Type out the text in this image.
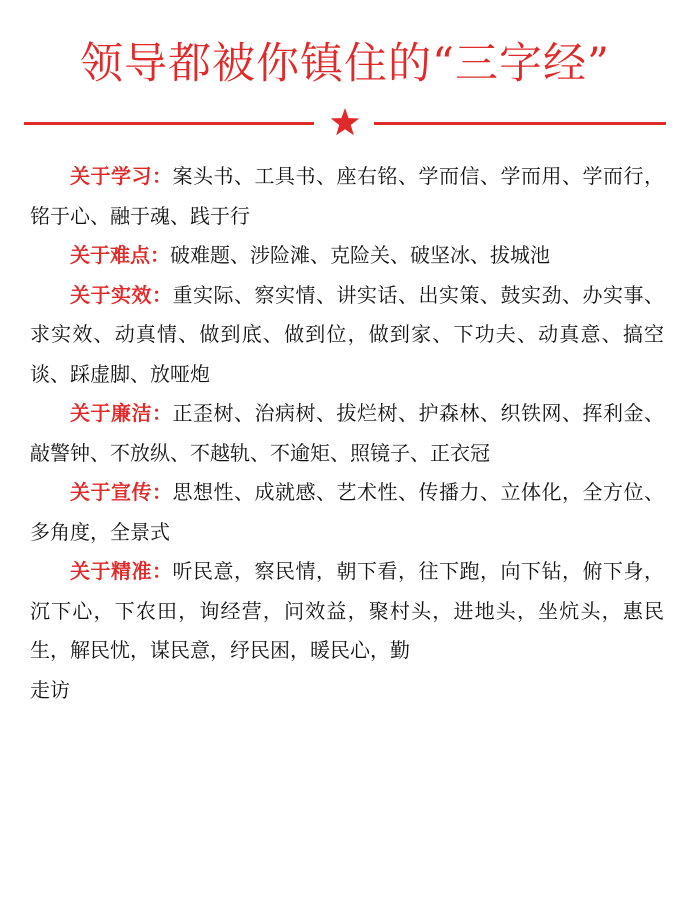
领导都被你镇住的“三字经”

关于学习：案头书、工具书、座右铭、学而信、学而用、学而行，铭于心、融于魂、践于行

关于难点：破难题、涉险滩、克险关、破坚冰、拔城池

关于实效：重实际、察实情、讲实话、出实策、鼓实劲、办实事、求实效、动真情、做到底、做到位，做到家、下功夫、动真意、搞空谈、踩虚脚、放哑炮

关于廉洁：正歪树、治病树、拔烂树、护森林、织铁网、挥利金、敲警钟、不放纵、不越轨、不逾矩、照镜子、正衣冠

关于宣传：思想性、成就感、艺术性、传播力、立体化，全方位、多角度，全景式

关于精准：听民意，察民情，朝下看，往下跑，向下钻，俯下身，沉下心，下农田，询经营，问效益，聚村头，进地头，坐炕头，惠民生，解民忧，谋民意，纾民困，暖民心，勤

走访
